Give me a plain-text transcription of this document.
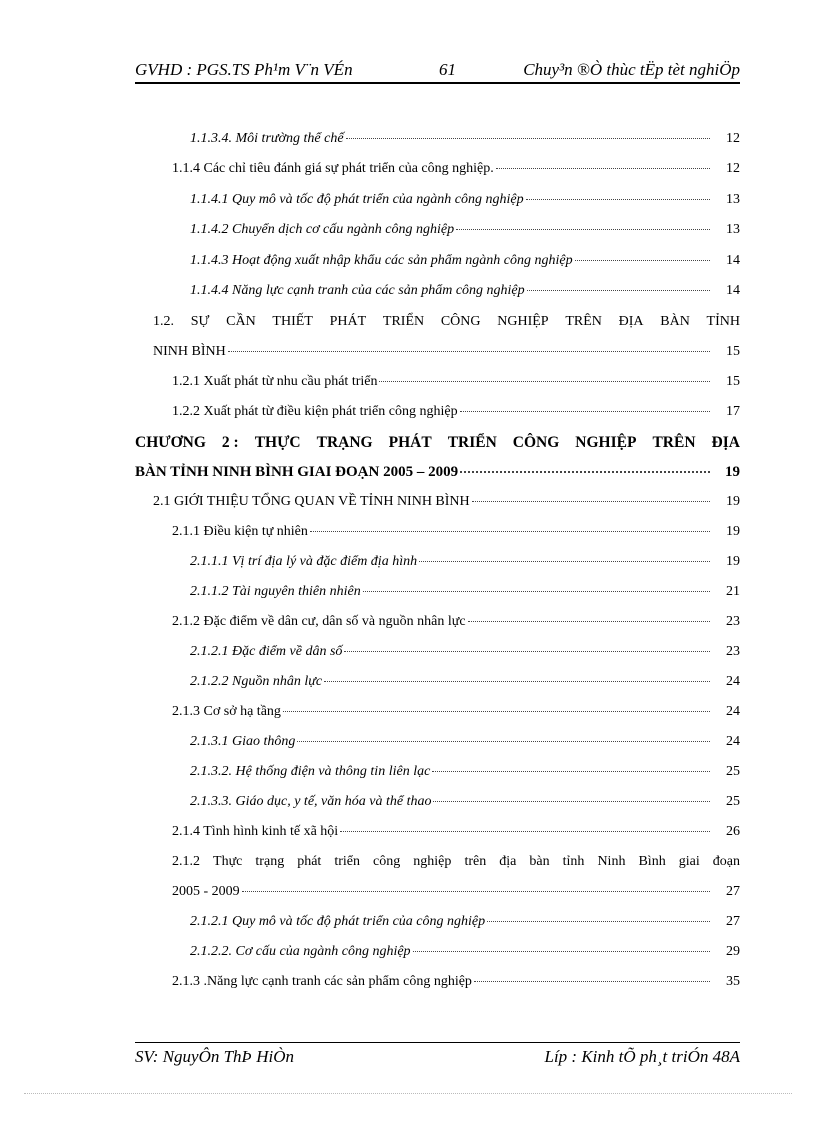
GVHD : PGS.TS Ph¹m V¨n VÉn	61	Chuy³n ®Ò thùc tËp tèt nghiÖp
1.1.3.4. Môi trường thể chế	12
1.1.4 Các chỉ tiêu đánh giá sự phát triển của công nghiệp.	12
1.1.4.1 Quy mô và tốc độ phát triển của ngành công nghiệp	13
1.1.4.2 Chuyển dịch cơ cấu ngành công nghiệp	13
1.1.4.3 Hoạt động xuất nhập khẩu các sản phẩm ngành công nghiệp	14
1.1.4.4 Năng lực cạnh tranh của các sản phẩm công nghiệp	14
1.2. SỰ CẦN THIẾT PHÁT TRIỂN CÔNG NGHIỆP TRÊN ĐỊA BÀN TỈNH
NINH BÌNH	15
1.2.1 Xuất phát từ nhu cầu phát triển	15
1.2.2 Xuất phát từ điều kiện phát triển công nghiệp	17
CHƯƠNG 2 : THỰC TRẠNG PHÁT TRIỂN CÔNG NGHIỆP TRÊN ĐỊA
BÀN TỈNH NINH BÌNH GIAI ĐOẠN 2005 – 2009	19
2.1 GIỚI THIỆU TỔNG QUAN VỀ TỈNH NINH BÌNH	19
2.1.1 Điều kiện tự nhiên	19
2.1.1.1 Vị trí địa lý và đặc điểm địa hình	19
2.1.1.2 Tài nguyên thiên nhiên	21
2.1.2 Đặc điểm về dân cư, dân số và nguồn nhân lực	23
2.1.2.1 Đặc điểm về dân số	23
2.1.2.2 Nguồn nhân lực	24
2.1.3 Cơ sở hạ tầng	24
2.1.3.1 Giao thông	24
2.1.3.2. Hệ thống điện và thông tin liên lạc	25
2.1.3.3. Giáo dục, y tế, văn hóa và thể thao	25
2.1.4 Tình hình kinh tế xã hội	26
2.1.2 Thực trạng phát triển công nghiệp trên địa bàn tỉnh Ninh Bình giai đoạn
2005 - 2009	27
2.1.2.1 Quy mô và tốc độ phát triển của công nghiệp	27
2.1.2.2. Cơ cấu của ngành công nghiệp	29
2.1.3 .Năng lực cạnh tranh các sản phẩm công nghiệp	35
SV: NguyÔn ThÞ HiÒn	Líp : Kinh tÕ ph¸t triÓn 48A
